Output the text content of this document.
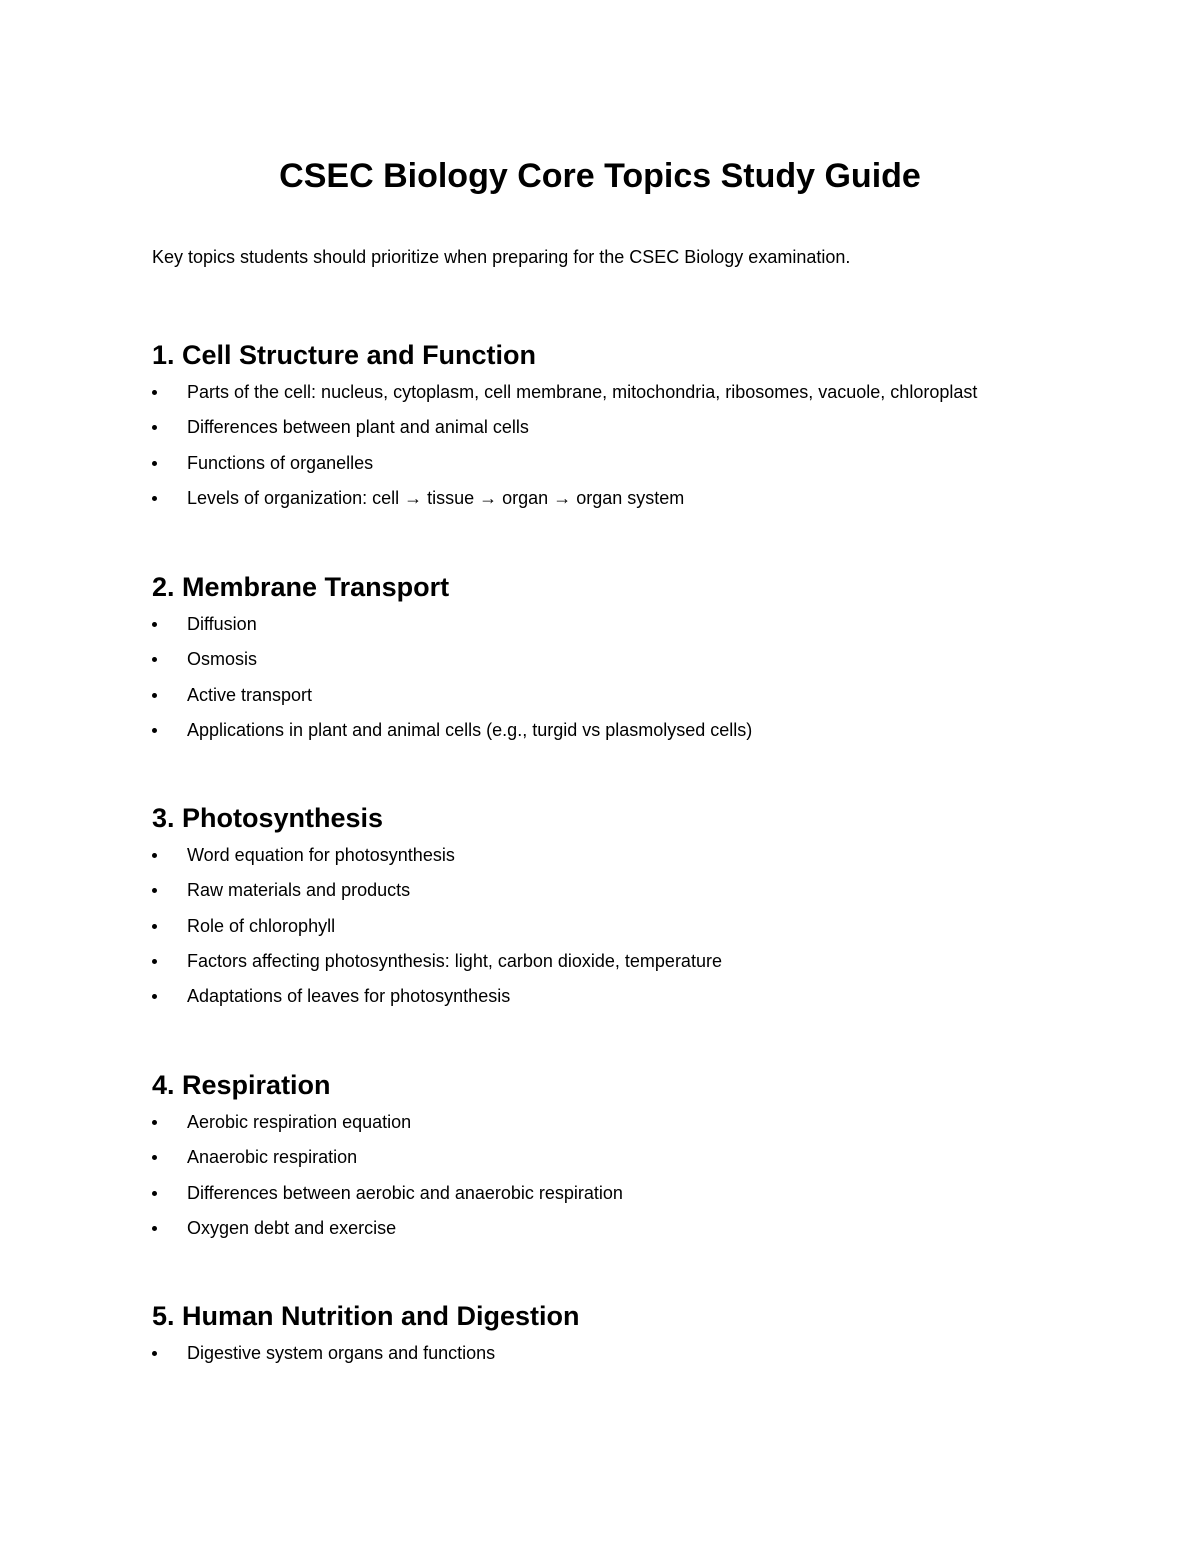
CSEC Biology Core Topics Study Guide

Key topics students should prioritize when preparing for the CSEC Biology examination.

1. Cell Structure and Function
Parts of the cell: nucleus, cytoplasm, cell membrane, mitochondria, ribosomes, vacuole, chloroplast
Differences between plant and animal cells
Functions of organelles
Levels of organization: cell → tissue → organ → organ system
2. Membrane Transport
Diffusion
Osmosis
Active transport
Applications in plant and animal cells (e.g., turgid vs plasmolysed cells)
3. Photosynthesis
Word equation for photosynthesis
Raw materials and products
Role of chlorophyll
Factors affecting photosynthesis: light, carbon dioxide, temperature
Adaptations of leaves for photosynthesis
4. Respiration
Aerobic respiration equation
Anaerobic respiration
Differences between aerobic and anaerobic respiration
Oxygen debt and exercise
5. Human Nutrition and Digestion
Digestive system organs and functions
